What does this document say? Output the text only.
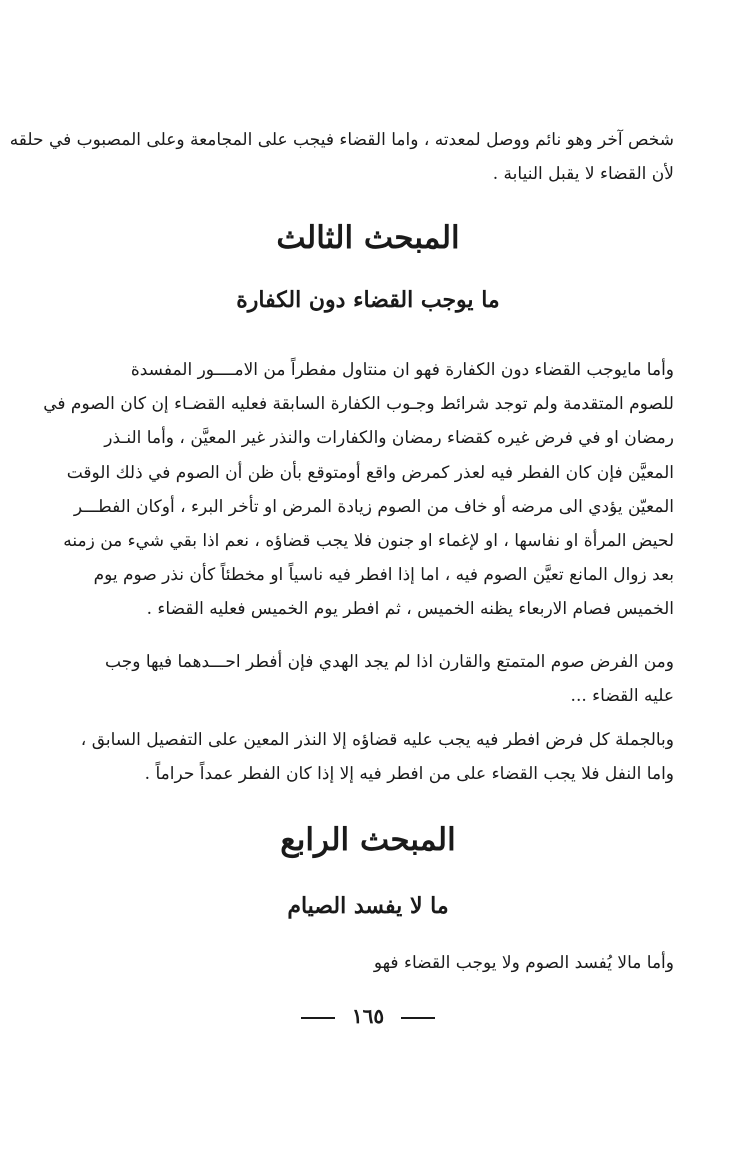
شخص آخر وهو نائم ووصل لمعدته ، واما القضاء فيجب على المجامعة وعلى المصبوب في حلقه
لأن القضاء لا يقبل النيابة .
المبحث الثالث
ما يوجب القضاء دون الكفارة
وأما مايوجب القضاء دون الكفارة فهو ان منتاول مفطراً من الامــــور المفسدة
للصوم المتقدمة ولم توجد شرائط وجـوب الكفارة السابقة فعليه القضـاء إن كان الصوم في
رمضان او في فرض غيره كقضاء رمضان والكفارات والنذر غير المعيَّن ، وأما النـذر
المعيَّن فإن كان الفطر فيه لعذر كمرض واقع أومتوقع بأن ظن أن الصوم في ذلك الوقت
المعيّن يؤدي الى مرضه أو خاف من الصوم زيادة المرض او تأخر البرء ، أوكان الفطـــر
لحيض المرأة او نفاسها ، او لإغماء او جنون فلا يجب قضاؤه ، نعم اذا بقي شيء من زمنه
بعد زوال المانع تعيَّن الصوم فيه ، اما إذا افطر فيه ناسياً او مخطئاً كأن نذر صوم يوم
الخميس فصام الاربعاء يظنه الخميس ، ثم افطر يوم الخميس فعليه القضاء .
ومن الفرض صوم المتمتع والقارن اذا لم يجد الهدي فإن أفطر احـــدهما فيها وجب
عليه القضاء ...
وبالجملة كل فرض افطر فيه يجب عليه قضاؤه إلا النذر المعين على التفصيل السابق ،
واما النفل فلا يجب القضاء على من افطر فيه إلا إذا كان الفطر عمداً حراماً .
المبحث الرابع
ما لا يفسد الصيام
وأما مالا يُفسد الصوم ولا يوجب القضاء فهو
١٦٥
